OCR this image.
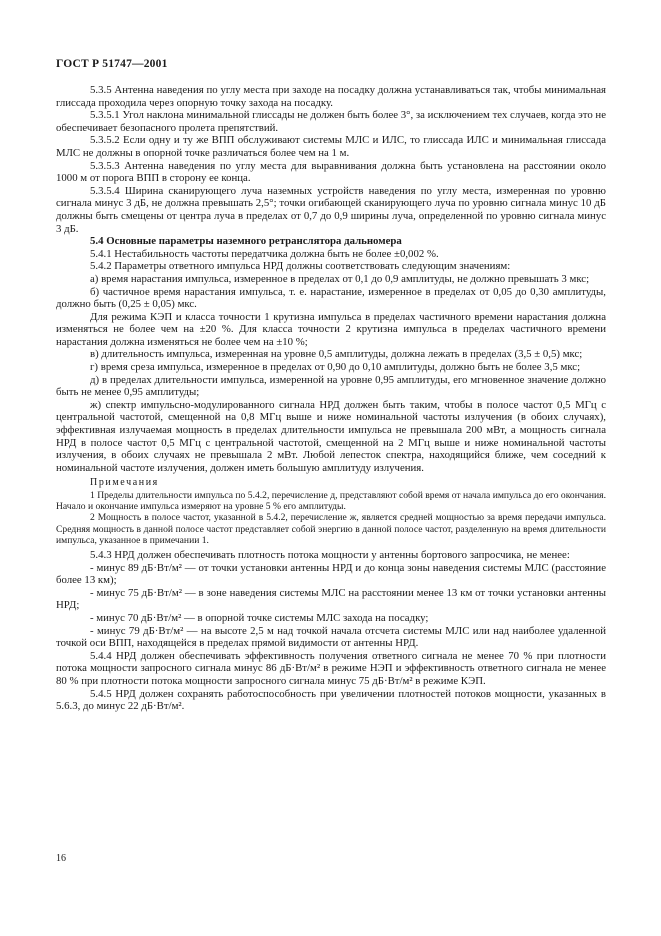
ГОСТ Р 51747—2001

5.3.5 Антенна наведения по углу места при заходе на посадку должна устанавливаться так, чтобы минимальная глиссада проходила через опорную точку захода на посадку.

5.3.5.1 Угол наклона минимальной глиссады не должен быть более 3°, за исключением тех случаев, когда это не обеспечивает безопасного пролета препятствий.

5.3.5.2 Если одну и ту же ВПП обслуживают системы МЛС и ИЛС, то глиссада ИЛС и минимальная глиссада МЛС не должны в опорной точке различаться более чем на 1 м.

5.3.5.3 Антенна наведения по углу места для выравнивания должна быть установлена на расстоянии около 1000 м от порога ВПП в сторону ее конца.

5.3.5.4 Ширина сканирующего луча наземных устройств наведения по углу места, измеренная по уровню сигнала минус 3 дБ, не должна превышать 2,5°; точки огибающей сканирующего луча по уровню сигнала минус 10 дБ должны быть смещены от центра луча в пределах от 0,7 до 0,9 ширины луча, определенной по уровню сигнала минус 3 дБ.

5.4 Основные параметры наземного ретранслятора дальномера

5.4.1 Нестабильность частоты передатчика должна быть не более ±0,002 %.

5.4.2 Параметры ответного импульса НРД должны соответствовать следующим значениям:

а) время нарастания импульса, измеренное в пределах от 0,1 до 0,9 амплитуды, не должно превышать 3 мкс;

б) частичное время нарастания импульса, т. е. нарастание, измеренное в пределах от 0,05 до 0,30 амплитуды, должно быть (0,25 ± 0,05) мкс.

Для режима КЭП и класса точности 1 крутизна импульса в пределах частичного времени нарастания должна изменяться не более чем на ±20 %. Для класса точности 2 крутизна импульса в пределах частичного времени нарастания должна изменяться не более чем на ±10 %;

в) длительность импульса, измеренная на уровне 0,5 амплитуды, должна лежать в пределах (3,5 ± 0,5) мкс;

г) время среза импульса, измеренное в пределах от 0,90 до 0,10 амплитуды, должно быть не более 3,5 мкс;

д) в пределах длительности импульса, измеренной на уровне 0,95 амплитуды, его мгновенное значение должно быть не менее 0,95 амплитуды;

ж) спектр импульсно-модулированного сигнала НРД должен быть таким, чтобы в полосе частот 0,5 МГц с центральной частотой, смещенной на 0,8 МГц выше и ниже номинальной частоты излучения (в обоих случаях), эффективная излучаемая мощность в пределах длительности импульса не превышала 200 мВт, а мощность сигнала НРД в полосе частот 0,5 МГц с центральной частотой, смещенной на 2 МГц выше и ниже номинальной частоты излучения, в обоих случаях не превышала 2 мВт. Любой лепесток спектра, находящийся ближе, чем соседний к номинальной частоте излучения, должен иметь большую амплитуду излучения.

Примечания

1 Пределы длительности импульса по 5.4.2, перечисление д, представляют собой время от начала импульса до его окончания. Начало и окончание импульса измеряют на уровне 5 % его амплитуды.

2 Мощность в полосе частот, указанной в 5.4.2, перечисление ж, является средней мощностью за время передачи импульса. Средняя мощность в данной полосе частот представляет собой энергию в данной полосе частот, разделенную на время длительности импульса, указанное в примечании 1.

5.4.3 НРД должен обеспечивать плотность потока мощности у антенны бортового запросчика, не менее:

- минус 89 дБ·Вт/м² — от точки установки антенны НРД и до конца зоны наведения системы МЛС (расстояние более 13 км);

- минус 75 дБ·Вт/м² — в зоне наведения системы МЛС на расстоянии менее 13 км от точки установки антенны НРД;

- минус 70 дБ·Вт/м² — в опорной точке системы МЛС захода на посадку;

- минус 79 дБ·Вт/м² — на высоте 2,5 м над точкой начала отсчета системы МЛС или над наиболее удаленной точкой оси ВПП, находящейся в пределах прямой видимости от антенны НРД.

5.4.4 НРД должен обеспечивать эффективность получения ответного сигнала не менее 70 % при плотности потока мощности запросного сигнала минус 86 дБ·Вт/м² в режиме НЭП и эффективность ответного сигнала не менее 80 % при плотности потока мощности запросного сигнала минус 75 дБ·Вт/м² в режиме КЭП.

5.4.5 НРД должен сохранять работоспособность при увеличении плотностей потоков мощности, указанных в 5.6.3, до минус 22 дБ·Вт/м².

16
